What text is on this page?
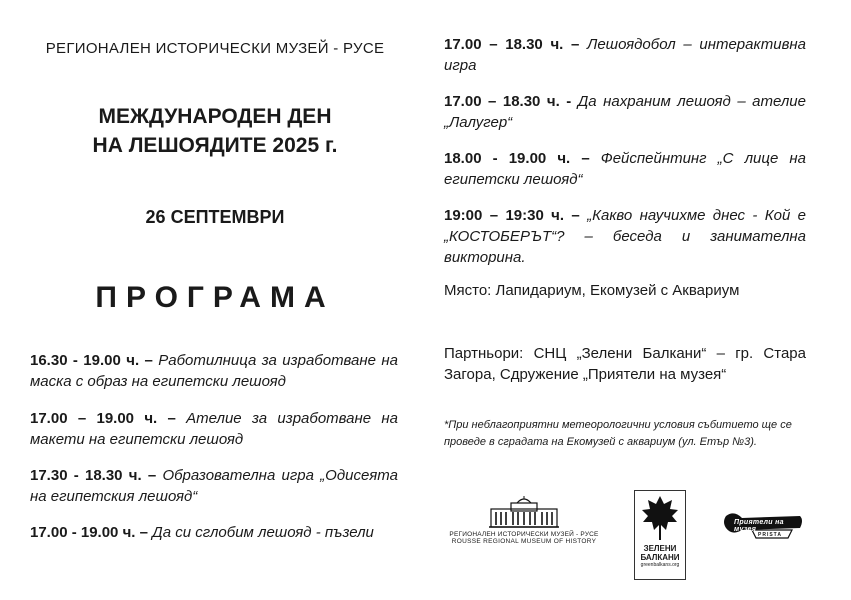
РЕГИОНАЛЕН ИСТОРИЧЕСКИ МУЗЕЙ - РУСЕ
МЕЖДУНАРОДЕН ДЕН
НА ЛЕШОЯДИТЕ 2025 г.
26 СЕПТЕМВРИ
ПРОГРАМА
16.30 - 19.00 ч. – Работилница за изработване на маска с образ на египетски лешояд
17.00 – 19.00 ч. – Ателие за изработване на макети на египетски лешояд
17.30 - 18.30 ч. – Образователна игра „Одисеята на египетския лешояд“
17.00 - 19.00 ч. – Да си сглобим лешояд - пъзели
17.00 – 18.30 ч. – Лешоядобол – интерактивна игра
17.00 – 18.30 ч. - Да нахраним лешояд – ателие „Лалугер“
18.00 - 19.00 ч. – Фейспейнтинг „С лице на египетски лешояд“
19:00 – 19:30 ч. – „Какво научихме днес - Кой е „КОСТОБЕРЪТ“? – беседа и занимателна викторина.
Място: Лапидариум, Екомузей с Аквариум
Партньори: СНЦ „Зелени Балкани“ – гр. Стара Загора, Сдружение „Приятели на музея“
*При неблагоприятни метеорологични условия събитието ще се проведе в сградата на Екомузей с аквариум (ул. Етър №3).
РЕГИОНАЛЕН ИСТОРИЧЕСКИ МУЗЕЙ - РУСЕ
ROUSSE REGIONAL MUSEUM OF HISTORY
ЗЕЛЕНИ
БАЛКАНИ
greenbalkans.org
Приятели на музея
PRISTA
